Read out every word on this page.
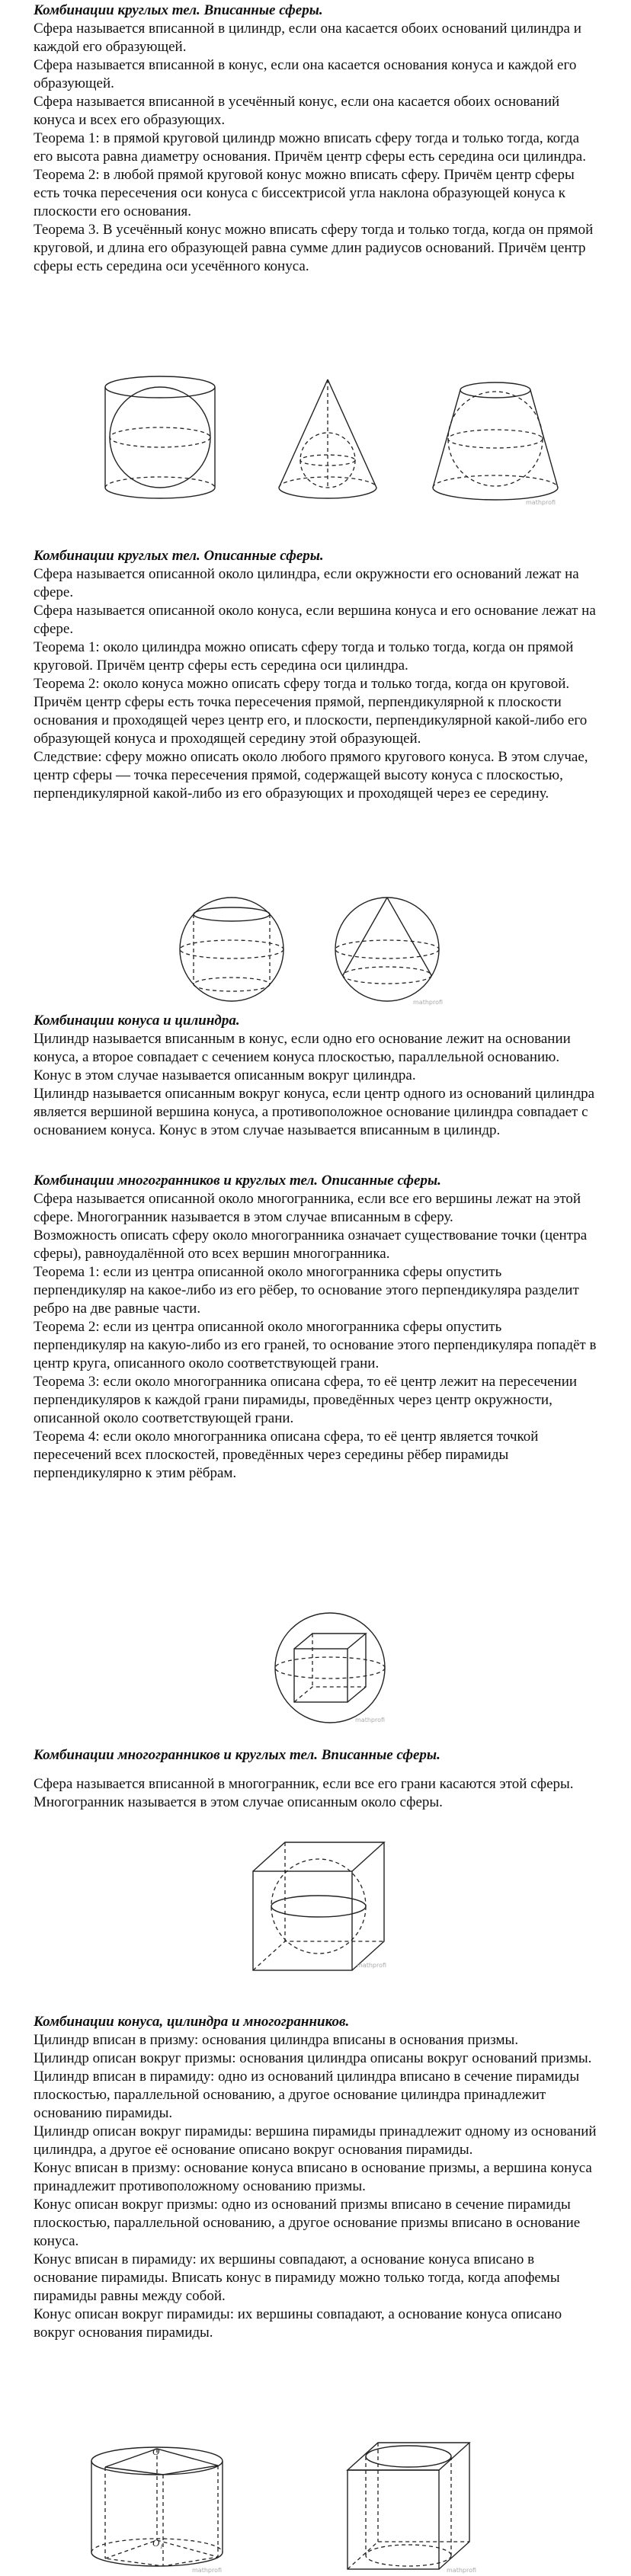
Комбинации круглых тел. Вписанные сферы.

Сфера называется вписанной в цилиндр, если она касается обоих оснований цилиндра и каждой его образующей.

Сфера называется вписанной в конус, если она касается основания конуса и каждой его образующей.

Сфера называется вписанной в усечённый конус, если она касается обоих оснований конуса и всех его образующих.

Теорема 1: в прямой круговой цилиндр можно вписать сферу тогда и только тогда, когда его высота равна диаметру основания. Причём центр сферы есть середина оси цилиндра.

Теорема 2: в любой прямой круговой конус можно вписать сферу. Причём центр сферы есть точка пересечения оси конуса с биссектрисой угла наклона образующей конуса к плоскости его основания.

Теорема 3. В усечённый конус можно вписать сферу тогда и только тогда, когда он прямой круговой, и длина его образующей равна сумме длин радиусов оснований. Причём центр сферы есть середина оси усечённого конуса.

mathprofi

Комбинации круглых тел. Описанные сферы.

Сфера называется описанной около цилиндра, если окружности его оснований лежат на сфере.

Сфера называется описанной около конуса, если вершина конуса и его основание лежат на сфере.

Теорема 1: около цилиндра можно описать сферу тогда и только тогда, когда он прямой круговой. Причём центр сферы есть середина оси цилиндра.

Теорема 2: около конуса можно описать сферу тогда и только тогда, когда он круговой. Причём центр сферы есть точка пересечения прямой, перпендикулярной к плоскости основания и проходящей через центр его, и плоскости, перпендикулярной какой-либо его образующей конуса и проходящей середину этой образующей.

Следствие: сферу можно описать около любого прямого кругового конуса. В этом случае, центр сферы — точка пересечения прямой, содержащей высоту конуса с плоскостью, перпендикулярной какой-либо из его образующих и проходящей через ее середину.

mathprofi

Комбинации конуса и цилиндра.

Цилиндр называется вписанным в конус, если одно его основание лежит на основании конуса, а второе совпадает с сечением конуса плоскостью, параллельной основанию. Конус в этом случае называется описанным вокруг цилиндра.

Цилиндр называется описанным вокруг конуса, если центр одного из оснований цилиндра является вершиной вершина конуса, а противоположное основание цилиндра совпадает с основанием конуса. Конус в этом случае называется вписанным в цилиндр.

Комбинации многогранников и круглых тел. Описанные сферы.

Сфера называется описанной около многогранника, если все его вершины лежат на этой сфере. Многогранник называется в этом случае вписанным в сферу.

Возможность описать сферу около многогранника означает существование точки (центра сферы), равноудалённой ото всех вершин многогранника.

Теорема 1: если из центра описанной около многогранника сферы опустить перпендикуляр на какое-либо из его рёбер, то основание этого перпендикуляра разделит ребро на две равные части.

Теорема 2: если из центра описанной около многогранника сферы опустить перпендикуляр на какую-либо из его граней, то основание этого перпендикуляра попадёт в центр круга, описанного около соответствующей грани.

Теорема 3: если около многогранника описана сфера, то её центр лежит на пересечении перпендикуляров к каждой грани пирамиды, проведённых через центр окружности, описанной около соответствующей грани.

Теорема 4: если около многогранника описана сфера, то её центр является точкой пересечений всех плоскостей, проведённых через середины рёбер пирамиды перпендикулярно к этим рёбрам.

mathprofi

Комбинации многогранников и круглых тел. Вписанные сферы.

Сфера называется вписанной в многогранник, если все его грани касаются этой сферы. Многогранник называется в этом случае описанным около сферы.

mathprofi

Комбинации конуса, цилиндра и многогранников.

Цилиндр вписан в призму: основания цилиндра вписаны в основания призмы.

Цилиндр описан вокруг призмы: основания цилиндра описаны вокруг оснований призмы.

Цилиндр вписан в пирамиду: одно из оснований цилиндра вписано в сечение пирамиды плоскостью, параллельной основанию, а другое основание цилиндра принадлежит основанию пирамиды.

Цилиндр описан вокруг пирамиды: вершина пирамиды принадлежит одному из оснований цилиндра, а другое её основание описано вокруг основания пирамиды.

Конус вписан в призму: основание конуса вписано в основание призмы, а вершина конуса принадлежит противоположному основанию призмы.

Конус описан вокруг призмы: одно из оснований призмы вписано в сечение пирамиды плоскостью, параллельной основанию, а другое основание призмы вписано в основание конуса.

Конус вписан в пирамиду: их вершины совпадают, а основание конуса вписано в основание пирамиды. Вписать конус в пирамиду можно только тогда, когда апофемы пирамиды равны между собой.

Конус описан вокруг пирамиды: их вершины совпадают, а основание конуса описано вокруг основания пирамиды.

O
O₁
mathprofi	mathprofi
